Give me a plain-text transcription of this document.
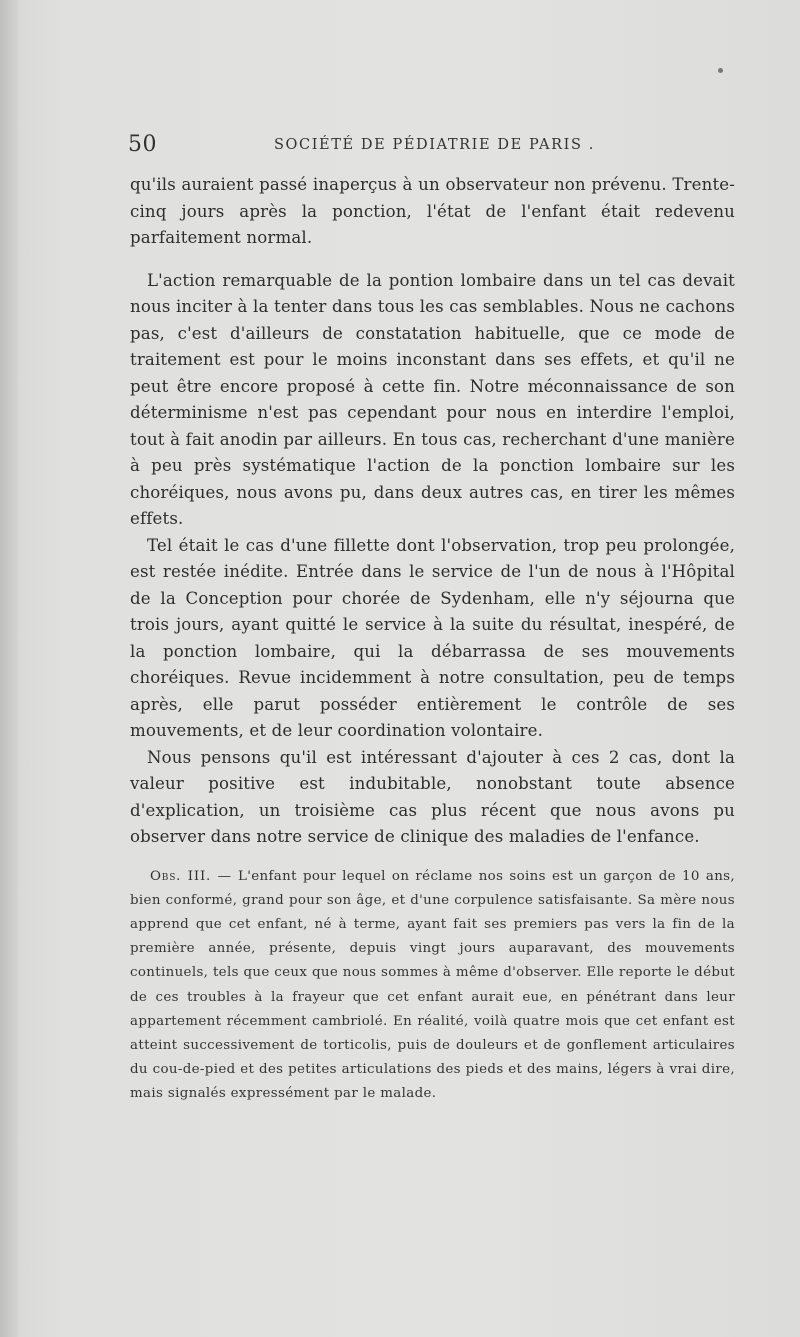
50	SOCIÉTÉ DE PÉDIATRIE DE PARIS .

qu'ils auraient passé inaperçus à un observateur non prévenu. Trente-cinq jours après la ponction, l'état de l'enfant était redevenu parfaitement normal.

L'action remarquable de la pontion lombaire dans un tel cas devait nous inciter à la tenter dans tous les cas semblables. Nous ne cachons pas, c'est d'ailleurs de constatation habituelle, que ce mode de traitement est pour le moins inconstant dans ses effets, et qu'il ne peut être encore proposé à cette fin. Notre méconnaissance de son déterminisme n'est pas cependant pour nous en interdire l'emploi, tout à fait anodin par ailleurs. En tous cas, recherchant d'une manière à peu près systématique l'action de la ponction lombaire sur les choréiques, nous avons pu, dans deux autres cas, en tirer les mêmes effets.

Tel était le cas d'une fillette dont l'observation, trop peu prolongée, est restée inédite. Entrée dans le service de l'un de nous à l'Hôpital de la Conception pour chorée de Sydenham, elle n'y séjourna que trois jours, ayant quitté le service à la suite du résultat, inespéré, de la ponction lombaire, qui la débarrassa de ses mouvements choréiques. Revue incidemment à notre consultation, peu de temps après, elle parut posséder entièrement le contrôle de ses mouvements, et de leur coordination volontaire.

Nous pensons qu'il est intéressant d'ajouter à ces 2 cas, dont la valeur positive est indubitable, nonobstant toute absence d'explication, un troisième cas plus récent que nous avons pu observer dans notre service de clinique des maladies de l'enfance.

Obs. III. — L'enfant pour lequel on réclame nos soins est un garçon de 10 ans, bien conformé, grand pour son âge, et d'une corpulence satisfaisante. Sa mère nous apprend que cet enfant, né à terme, ayant fait ses premiers pas vers la fin de la première année, présente, depuis vingt jours auparavant, des mouvements continuels, tels que ceux que nous sommes à même d'observer. Elle reporte le début de ces troubles à la frayeur que cet enfant aurait eue, en pénétrant dans leur appartement récemment cambriolé. En réalité, voilà quatre mois que cet enfant est atteint successivement de torticolis, puis de douleurs et de gonflement articulaires du cou-de-pied et des petites articulations des pieds et des mains, légers à vrai dire, mais signalés expressément par le malade.
